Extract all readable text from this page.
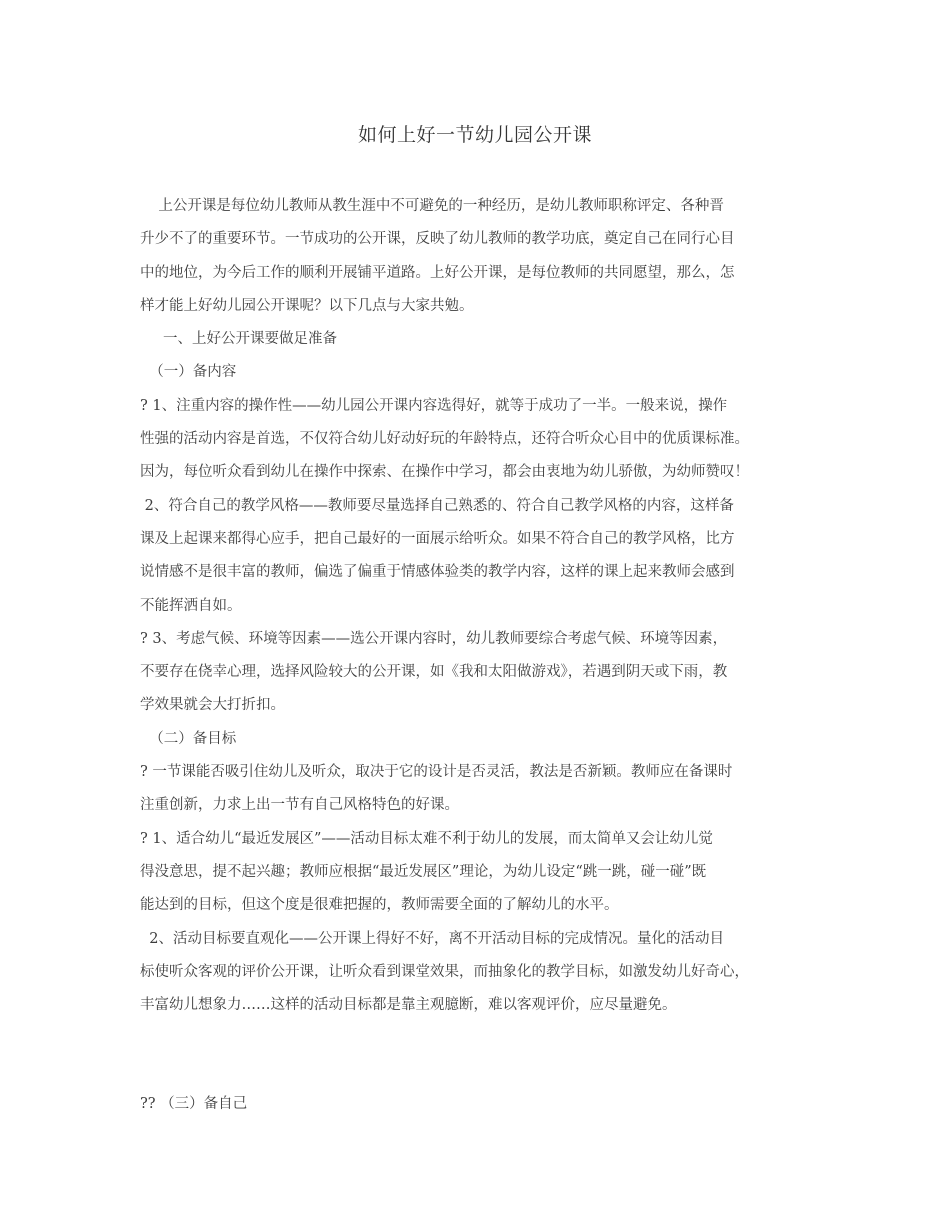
如何上好一节幼儿园公开课
上公开课是每位幼儿教师从教生涯中不可避免的一种经历，是幼儿教师职称评定、各种晋
升少不了的重要环节。一节成功的公开课，反映了幼儿教师的教学功底，奠定自己在同行心目
中的地位，为今后工作的顺利开展铺平道路。上好公开课，是每位教师的共同愿望，那么，怎
样才能上好幼儿园公开课呢？以下几点与大家共勉。
一、上好公开课要做足准备
（一）备内容
? 1、注重内容的操作性——幼儿园公开课内容选得好，就等于成功了一半。一般来说，操作
性强的活动内容是首选，不仅符合幼儿好动好玩的年龄特点，还符合听众心目中的优质课标准。
因为，每位听众看到幼儿在操作中探索、在操作中学习，都会由衷地为幼儿骄傲，为幼师赞叹！
2、符合自己的教学风格——教师要尽量选择自己熟悉的、符合自己教学风格的内容，这样备
课及上起课来都得心应手，把自己最好的一面展示给听众。如果不符合自己的教学风格，比方
说情感不是很丰富的教师，偏选了偏重于情感体验类的教学内容，这样的课上起来教师会感到
不能挥洒自如。
? 3、考虑气候、环境等因素——选公开课内容时，幼儿教师要综合考虑气候、环境等因素，
不要存在侥幸心理，选择风险较大的公开课，如《我和太阳做游戏》，若遇到阴天或下雨，教
学效果就会大打折扣。
（二）备目标
? 一节课能否吸引住幼儿及听众，取决于它的设计是否灵活，教法是否新颖。教师应在备课时
注重创新，力求上出一节有自己风格特色的好课。
? 1、适合幼儿“最近发展区”——活动目标太难不利于幼儿的发展，而太简单又会让幼儿觉
得没意思，提不起兴趣；教师应根据“最近发展区”理论，为幼儿设定“跳一跳，碰一碰”既
能达到的目标，但这个度是很难把握的，教师需要全面的了解幼儿的水平。
2、活动目标要直观化——公开课上得好不好，离不开活动目标的完成情况。量化的活动目
标使听众客观的评价公开课，让听众看到课堂效果，而抽象化的教学目标，如激发幼儿好奇心，
丰富幼儿想象力……这样的活动目标都是靠主观臆断，难以客观评价，应尽量避免。
?? （三）备自己
